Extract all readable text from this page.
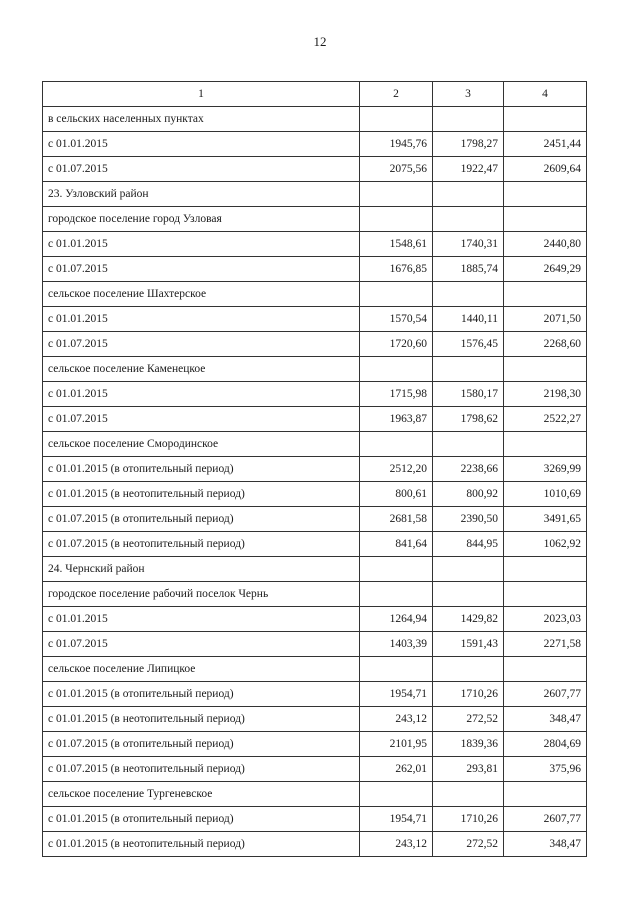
12
1	2	3	4
в сельских населенных пунктах			
с 01.01.2015	1945,76	1798,27	2451,44
с 01.07.2015	2075,56	1922,47	2609,64
23. Узловский район			
городское поселение город Узловая			
с 01.01.2015	1548,61	1740,31	2440,80
с 01.07.2015	1676,85	1885,74	2649,29
сельское поселение Шахтерское			
с 01.01.2015	1570,54	1440,11	2071,50
с 01.07.2015	1720,60	1576,45	2268,60
сельское поселение Каменецкое			
с 01.01.2015	1715,98	1580,17	2198,30
с 01.07.2015	1963,87	1798,62	2522,27
сельское поселение Смородинское			
с 01.01.2015 (в отопительный период)	2512,20	2238,66	3269,99
с 01.01.2015 (в неотопительный период)	800,61	800,92	1010,69
с 01.07.2015 (в отопительный период)	2681,58	2390,50	3491,65
с 01.07.2015 (в неотопительный период)	841,64	844,95	1062,92
24. Чернский район			
городское поселение рабочий поселок Чернь			
с 01.01.2015	1264,94	1429,82	2023,03
с 01.07.2015	1403,39	1591,43	2271,58
сельское поселение Липицкое			
с 01.01.2015 (в отопительный период)	1954,71	1710,26	2607,77
с 01.01.2015 (в неотопительный период)	243,12	272,52	348,47
с 01.07.2015 (в отопительный период)	2101,95	1839,36	2804,69
с 01.07.2015 (в неотопительный период)	262,01	293,81	375,96
сельское поселение Тургеневское			
с 01.01.2015 (в отопительный период)	1954,71	1710,26	2607,77
с 01.01.2015 (в неотопительный период)	243,12	272,52	348,47
